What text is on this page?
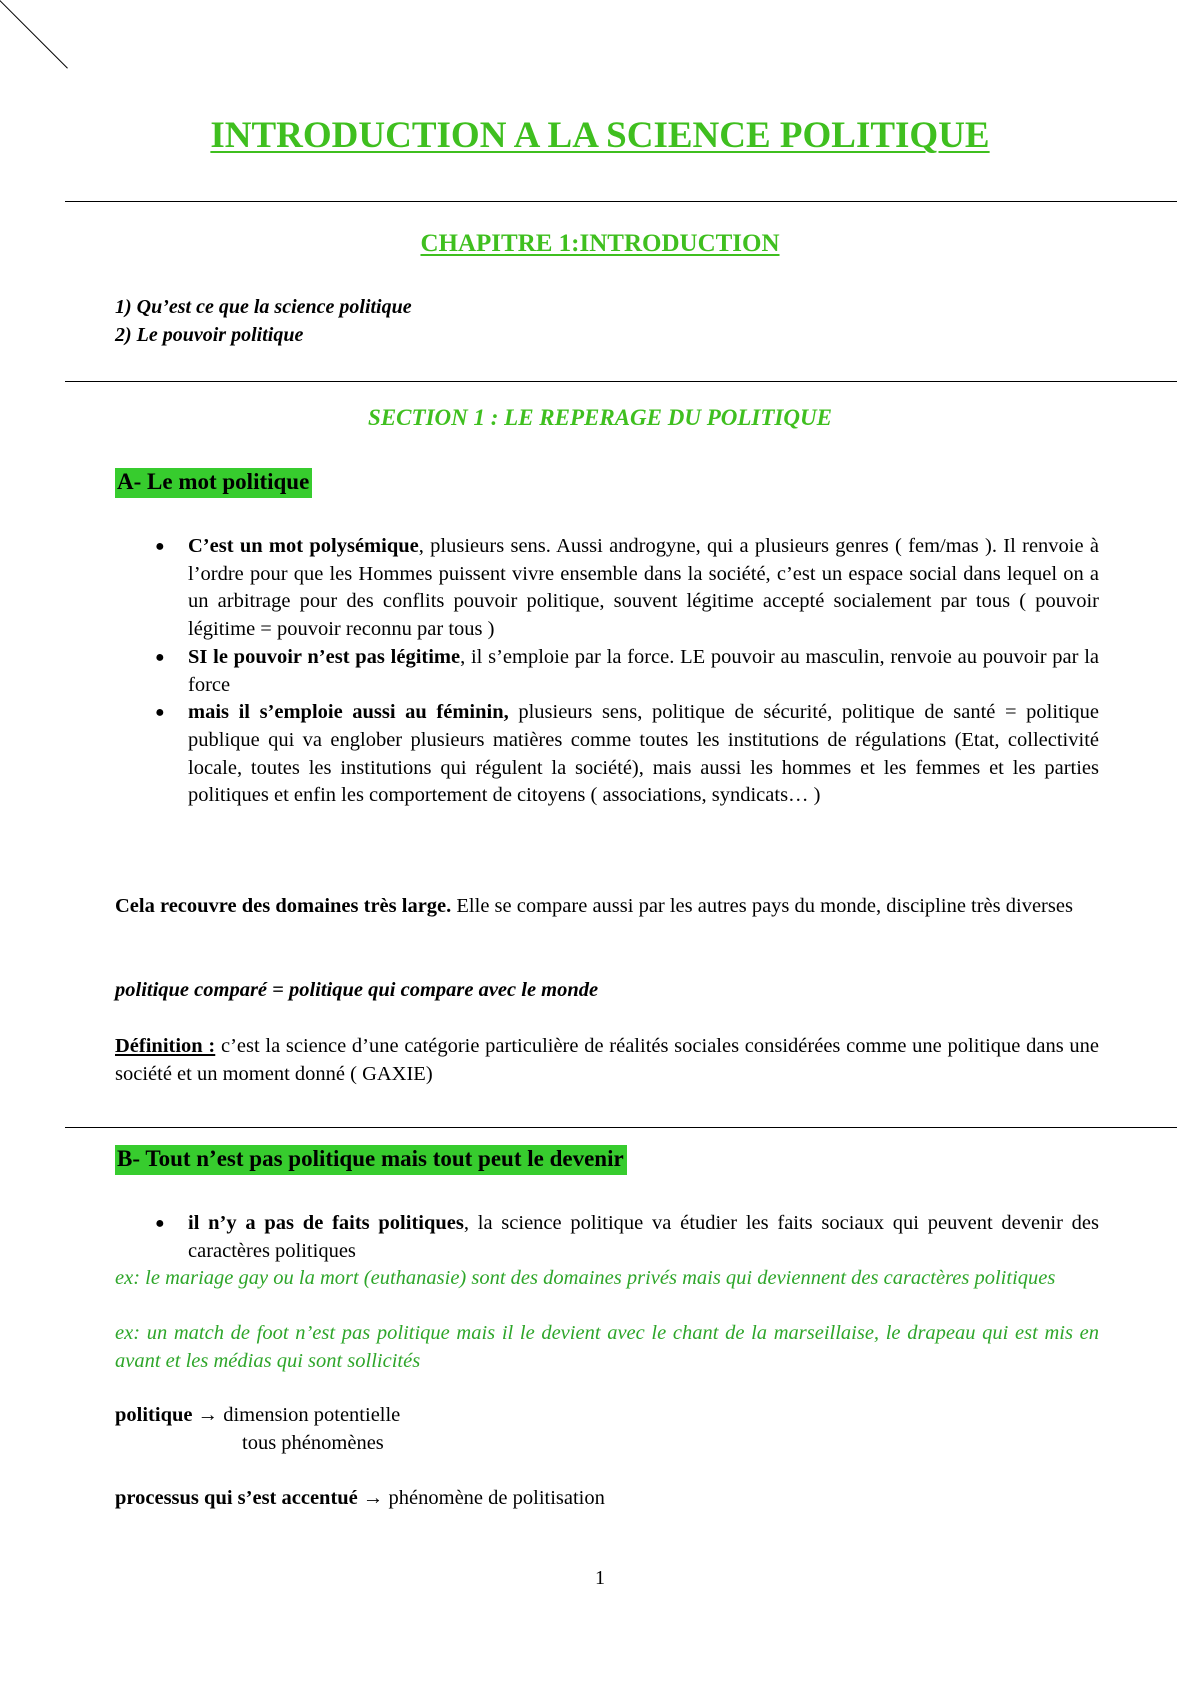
INTRODUCTION A LA SCIENCE POLITIQUE
CHAPITRE 1:INTRODUCTION
1) Qu’est ce que la science politique
2) Le pouvoir politique
SECTION 1 : LE REPERAGE DU POLITIQUE
A- Le mot politique
● C’est un mot polysémique, plusieurs sens. Aussi androgyne, qui a plusieurs genres ( fem/mas ). Il renvoie à l’ordre pour que les Hommes puissent vivre ensemble dans la société, c’est un espace social dans lequel on a un arbitrage pour des conflits pouvoir politique, souvent légitime accepté socialement par tous ( pouvoir légitime = pouvoir reconnu par tous )
● SI le pouvoir n’est pas légitime, il s’emploie par la force. LE pouvoir au masculin, renvoie au pouvoir par la force
● mais il s’emploie aussi au féminin, plusieurs sens, politique de sécurité, politique de santé = politique publique qui va englober plusieurs matières comme toutes les institutions de régulations (Etat, collectivité locale, toutes les institutions qui régulent la société), mais aussi les hommes et les femmes et les parties politiques et enfin les comportement de citoyens ( associations, syndicats… )
Cela recouvre des domaines très large. Elle se compare aussi par les autres pays du monde, discipline très diverses
politique comparé = politique qui compare avec le monde
Définition : c’est la science d’une catégorie particulière de réalités sociales considérées comme une politique dans une société et un moment donné ( GAXIE)
B- Tout n’est pas politique mais tout peut le devenir
● il n’y a pas de faits politiques, la science politique va étudier les faits sociaux qui peuvent devenir des caractères politiques
ex: le mariage gay ou la mort (euthanasie) sont des domaines privés mais qui deviennent des caractères politiques
ex: un match de foot n’est pas politique mais il le devient avec le chant de la marseillaise, le drapeau qui est mis en avant et les médias qui sont sollicités
politique → dimension potentielle
tous phénomènes
processus qui s’est accentué → phénomène de politisation
1
